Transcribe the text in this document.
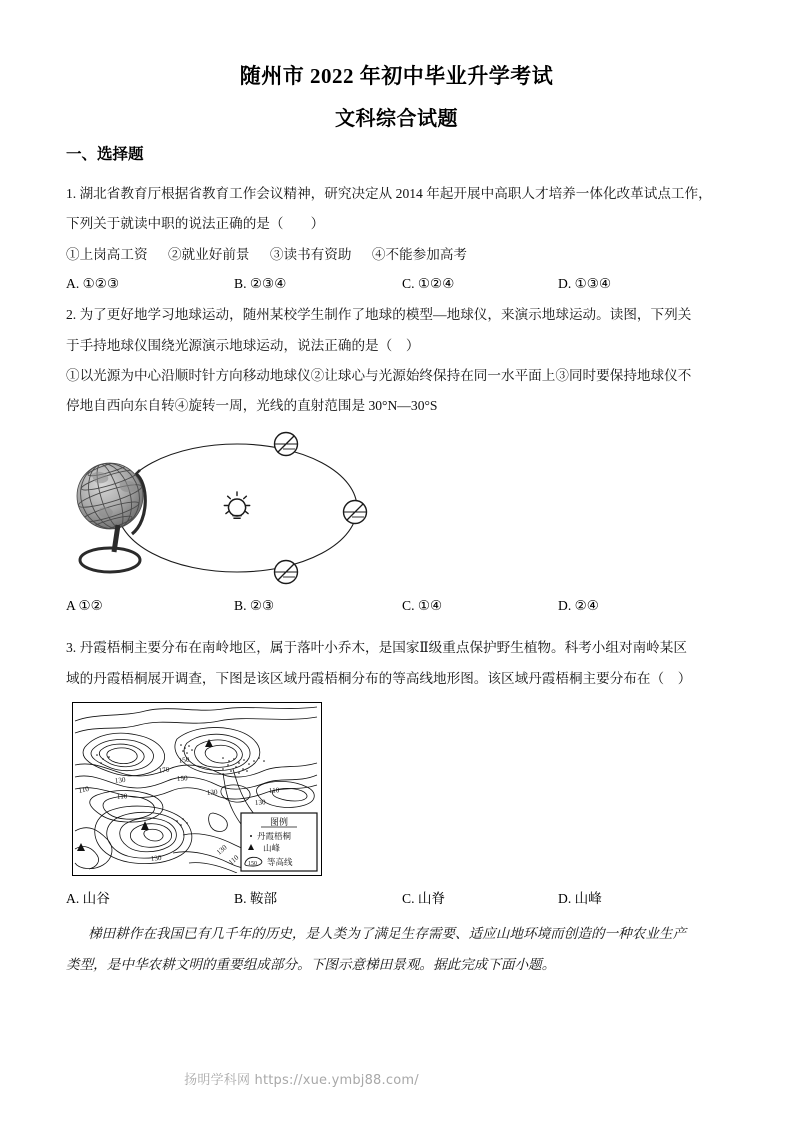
随州市 2022 年初中毕业升学考试
文科综合试题
一、选择题
1. 湖北省教育厅根据省教育工作会议精神，研究决定从 2014 年起开展中高职人才培养一体化改革试点工作，
下列关于就读中职的说法正确的是（        ）
①上岗高工资      ②就业好前景      ③读书有资助      ④不能参加高考
A. ①②③	B. ②③④	C. ①②④	D. ①③④
2. 为了更好地学习地球运动，随州某校学生制作了地球的模型—地球仪，来演示地球运动。读图，下列关
于手持地球仪围绕光源演示地球运动，说法正确的是（    ）
①以光源为中心沿顺时针方向移动地球仪②让球心与光源始终保持在同一水平面上③同时要保持地球仪不
停地自西向东自转④旋转一周，光线的直射范围是 30°N—30°S
A ①②	B. ②③	C. ①④	D. ②④
3. 丹霞梧桐主要分布在南岭地区，属于落叶小乔木，是国家Ⅱ级重点保护野生植物。科考小组对南岭某区
域的丹霞梧桐展开调查，下图是该区域丹霞梧桐分布的等高线地形图。该区域丹霞梧桐主要分布在（    ）
110
130
110
170
150
150
130	110
130
130
130
110
图例
丹霞梧桐
山峰
150 等高线
A. 山谷	B. 鞍部	C. 山脊	D. 山峰
梯田耕作在我国已有几千年的历史，是人类为了满足生存需要、适应山地环境而创造的一种农业生产
类型，是中华农耕文明的重要组成部分。下图示意梯田景观。据此完成下面小题。
扬明学科网 https://xue.ymbj88.com/
